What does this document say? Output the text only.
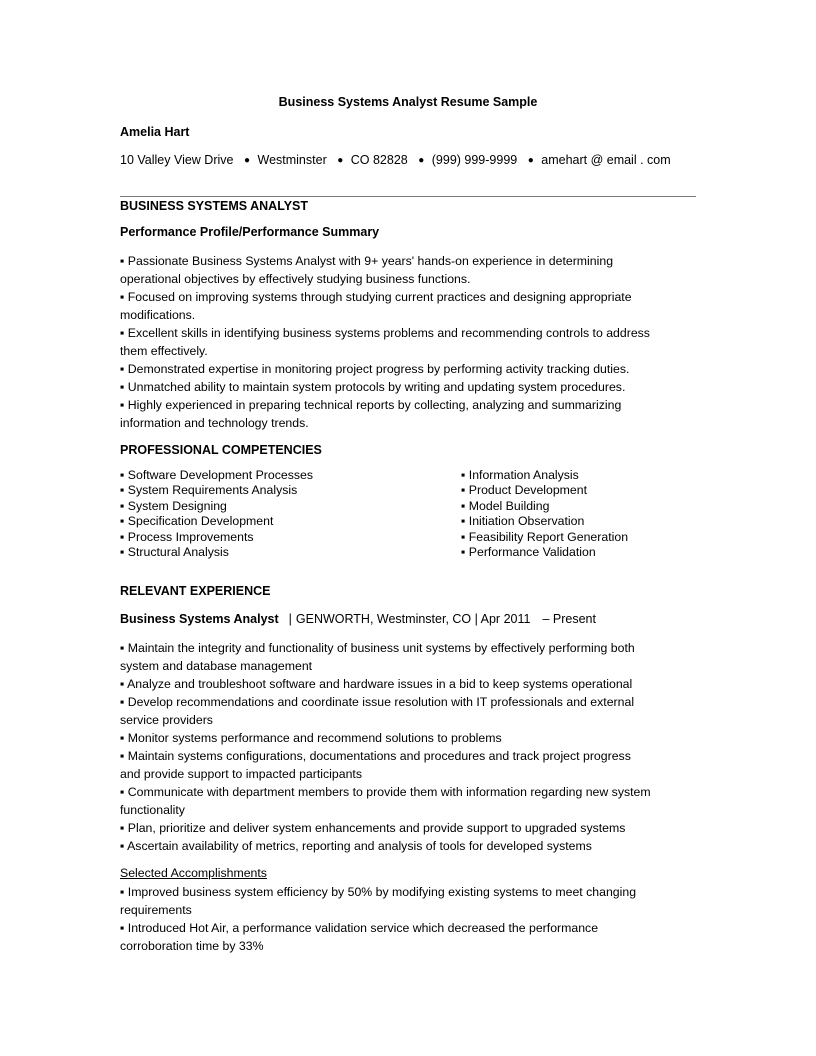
Business Systems Analyst Resume Sample
Amelia Hart
10 Valley View Drive ● Westminster ● CO 82828 ● (999) 999-9999 ● amehart @ email . com
BUSINESS SYSTEMS ANALYST
Performance Profile/Performance Summary
▪ Passionate Business Systems Analyst with 9+ years' hands-on experience in determining
operational objectives by effectively studying business functions.
▪ Focused on improving systems through studying current practices and designing appropriate
modifications.
▪ Excellent skills in identifying business systems problems and recommending controls to address
them effectively.
▪ Demonstrated expertise in monitoring project progress by performing activity tracking duties.
▪ Unmatched ability to maintain system protocols by writing and updating system procedures.
▪ Highly experienced in preparing technical reports by collecting, analyzing and summarizing
information and technology trends.
PROFESSIONAL COMPETENCIES
▪ Software Development Processes
▪ System Requirements Analysis
▪ System Designing
▪ Specification Development
▪ Process Improvements
▪ Structural Analysis
▪ Information Analysis
▪ Product Development
▪ Model Building
▪ Initiation Observation
▪ Feasibility Report Generation
▪ Performance Validation
RELEVANT EXPERIENCE
Business Systems Analyst | GENWORTH, Westminster, CO | Apr 2011 – Present
▪ Maintain the integrity and functionality of business unit systems by effectively performing both
system and database management
▪ Analyze and troubleshoot software and hardware issues in a bid to keep systems operational
▪ Develop recommendations and coordinate issue resolution with IT professionals and external
service providers
▪ Monitor systems performance and recommend solutions to problems
▪ Maintain systems configurations, documentations and procedures and track project progress
and provide support to impacted participants
▪ Communicate with department members to provide them with information regarding new system
functionality
▪ Plan, prioritize and deliver system enhancements and provide support to upgraded systems
▪ Ascertain availability of metrics, reporting and analysis of tools for developed systems

Selected Accomplishments

▪ Improved business system efficiency by 50% by modifying existing systems to meet changing
requirements
▪ Introduced Hot Air, a performance validation service which decreased the performance
corroboration time by 33%
